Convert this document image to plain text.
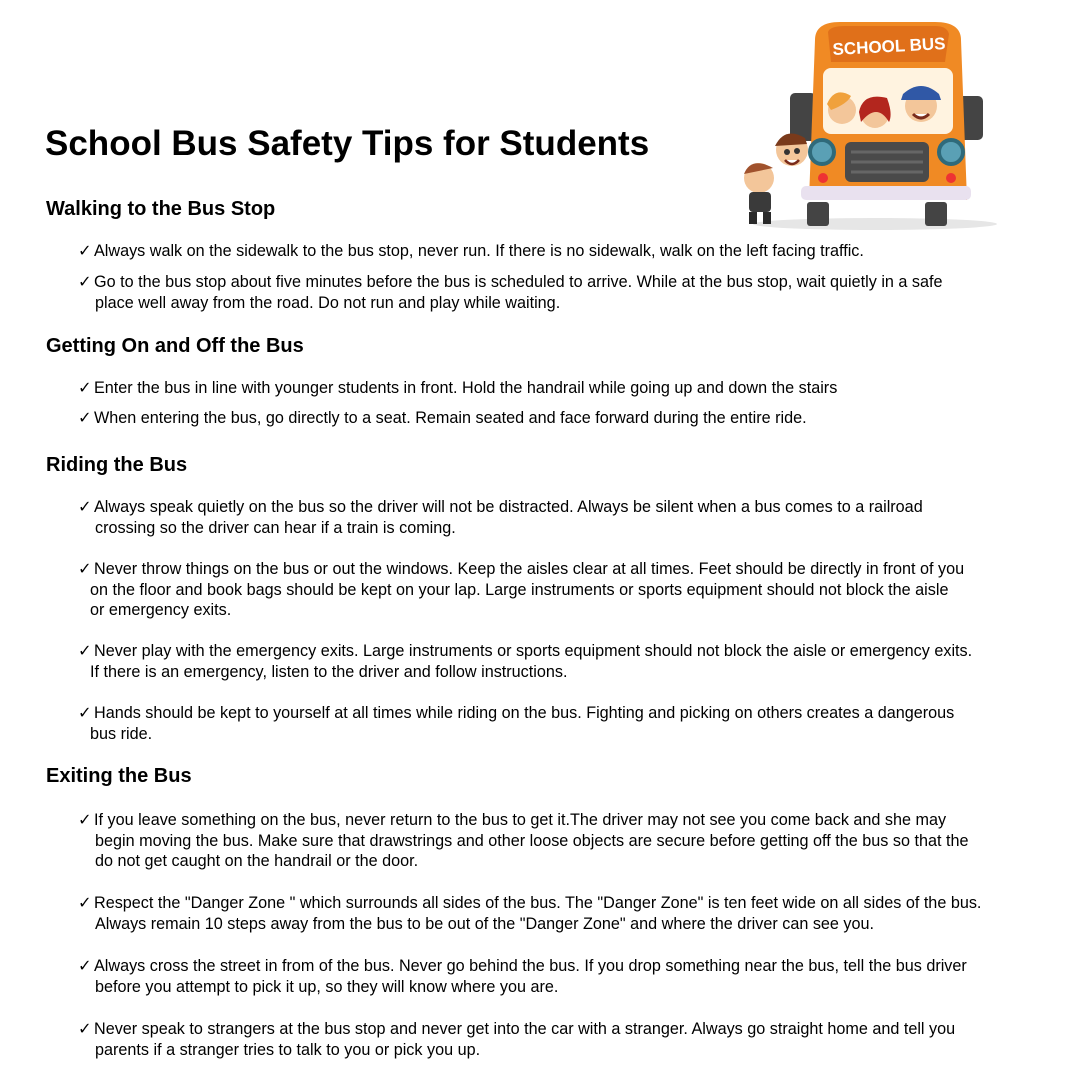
School Bus Safety Tips for Students
SCHOOL BUS
Walking to the Bus Stop
✓ Always walk on the sidewalk to the bus stop, never run. If there is no sidewalk, walk on the left facing traffic.
✓ Go to the bus stop about five minutes before the bus is scheduled to arrive. While at the bus stop, wait quietly in a safe
place well away from the road. Do not run and play while waiting.
Getting On and Off the Bus
✓ Enter the bus in line with younger students in front. Hold the handrail while going up and down the stairs
✓ When entering the bus, go directly to a seat. Remain seated and face forward during the entire ride.
Riding the Bus
✓ Always speak quietly on the bus so the driver will not be distracted. Always be silent when a bus comes to a railroad
crossing so the driver can hear if a train is coming.
✓ Never throw things on the bus or out the windows. Keep the aisles clear at all times. Feet should be directly in front of you
on the floor and book bags should be kept on your lap. Large instruments or sports equipment should not block the aisle
or emergency exits.
✓ Never play with the emergency exits. Large instruments or sports equipment should not block the aisle or emergency exits.
If there is an emergency, listen to the driver and follow instructions.
✓ Hands should be kept to yourself at all times while riding on the bus. Fighting and picking on others creates a dangerous
bus ride.
Exiting the Bus
✓ If you leave something on the bus, never return to the bus to get it.The driver may not see you come back and she may
begin moving the bus. Make sure that drawstrings and other loose objects are secure before getting off the bus so that the
do not get caught on the handrail or the door.
✓ Respect the "Danger Zone " which surrounds all sides of the bus. The "Danger Zone" is ten feet wide on all sides of the bus.
Always remain 10 steps away from the bus to be out of the "Danger Zone" and where the driver can see you.
✓ Always cross the street in from of the bus. Never go behind the bus. If you drop something near the bus, tell the bus driver
before you attempt to pick it up, so they will know where you are.
✓ Never speak to strangers at the bus stop and never get into the car with a stranger. Always go straight home and tell you
parents if a stranger tries to talk to you or pick you up.
